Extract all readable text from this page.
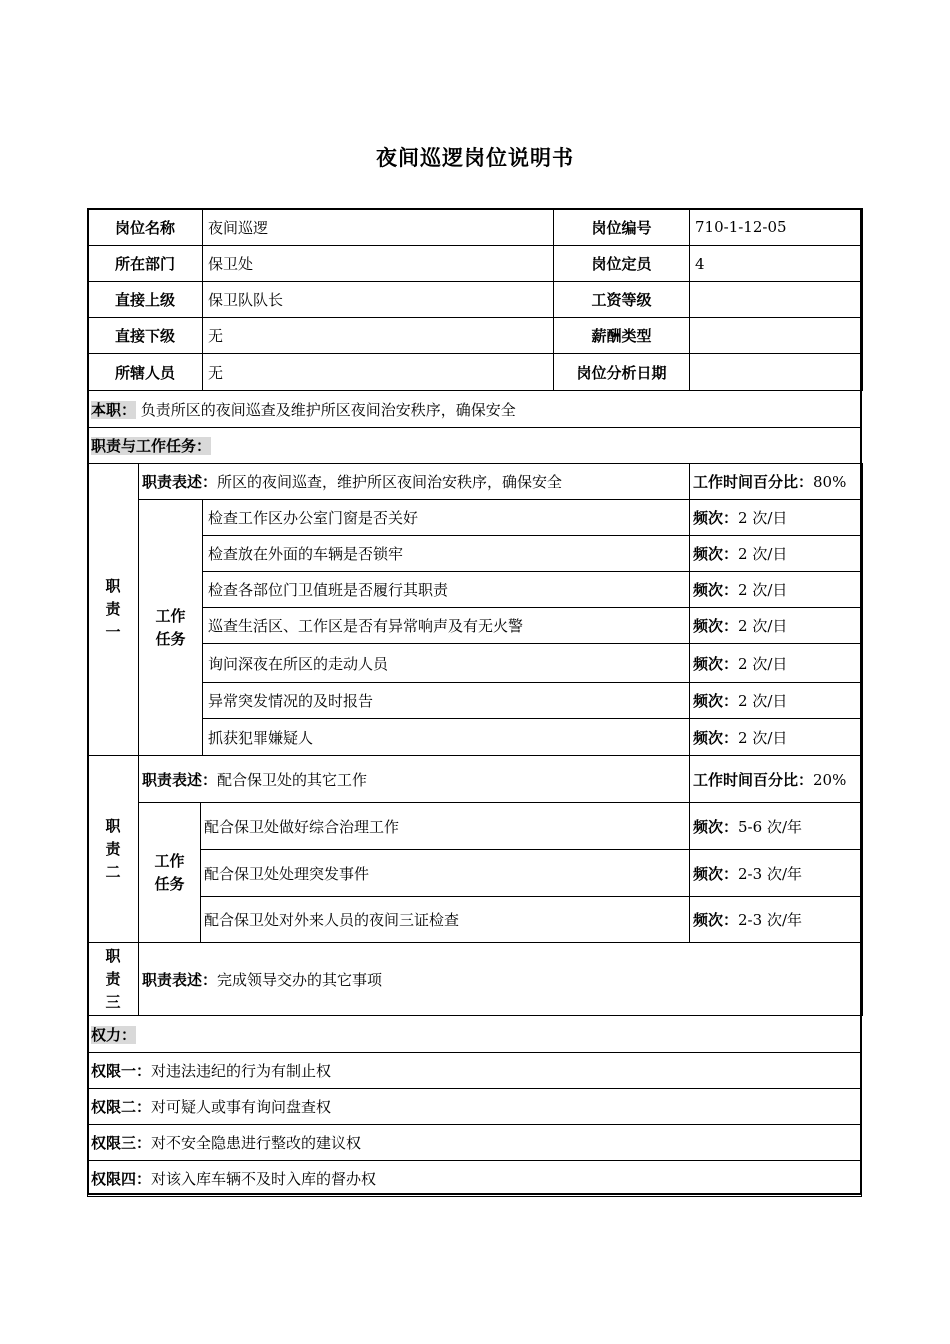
夜间巡逻岗位说明书
岗位名称	夜间巡逻	岗位编号	710-1-12-05
所在部门	保卫处	岗位定员	4
直接上级	保卫队队长	工资等级	
直接下级	无	薪酬类型	
所辖人员	无	岗位分析日期	
本职： 负责所区的夜间巡查及维护所区夜间治安秩序，确保安全
职责与工作任务：
职责一	职责表述：所区的夜间巡查，维护所区夜间治安秩序，确保安全		工作时间百分比：80%
	工作任务	检查工作区办公室门窗是否关好	频次：2 次/日
		检查放在外面的车辆是否锁牢	频次：2 次/日
		检查各部位门卫值班是否履行其职责	频次：2 次/日
		巡查生活区、工作区是否有异常响声及有无火警	频次：2 次/日
		询问深夜在所区的走动人员	频次：2 次/日
		异常突发情况的及时报告	频次：2 次/日
		抓获犯罪嫌疑人	频次：2 次/日
职责二	职责表述：配合保卫处的其它工作		工作时间百分比：20%
	工作任务	配合保卫处做好综合治理工作	频次：5-6 次/年
		配合保卫处处理突发事件	频次：2-3 次/年
		配合保卫处对外来人员的夜间三证检查	频次：2-3 次/年
职责三	职责表述：完成领导交办的其它事项
权力：
权限一：对违法违纪的行为有制止权
权限二：对可疑人或事有询问盘查权
权限三：对不安全隐患进行整改的建议权
权限四：对该入库车辆不及时入库的督办权
